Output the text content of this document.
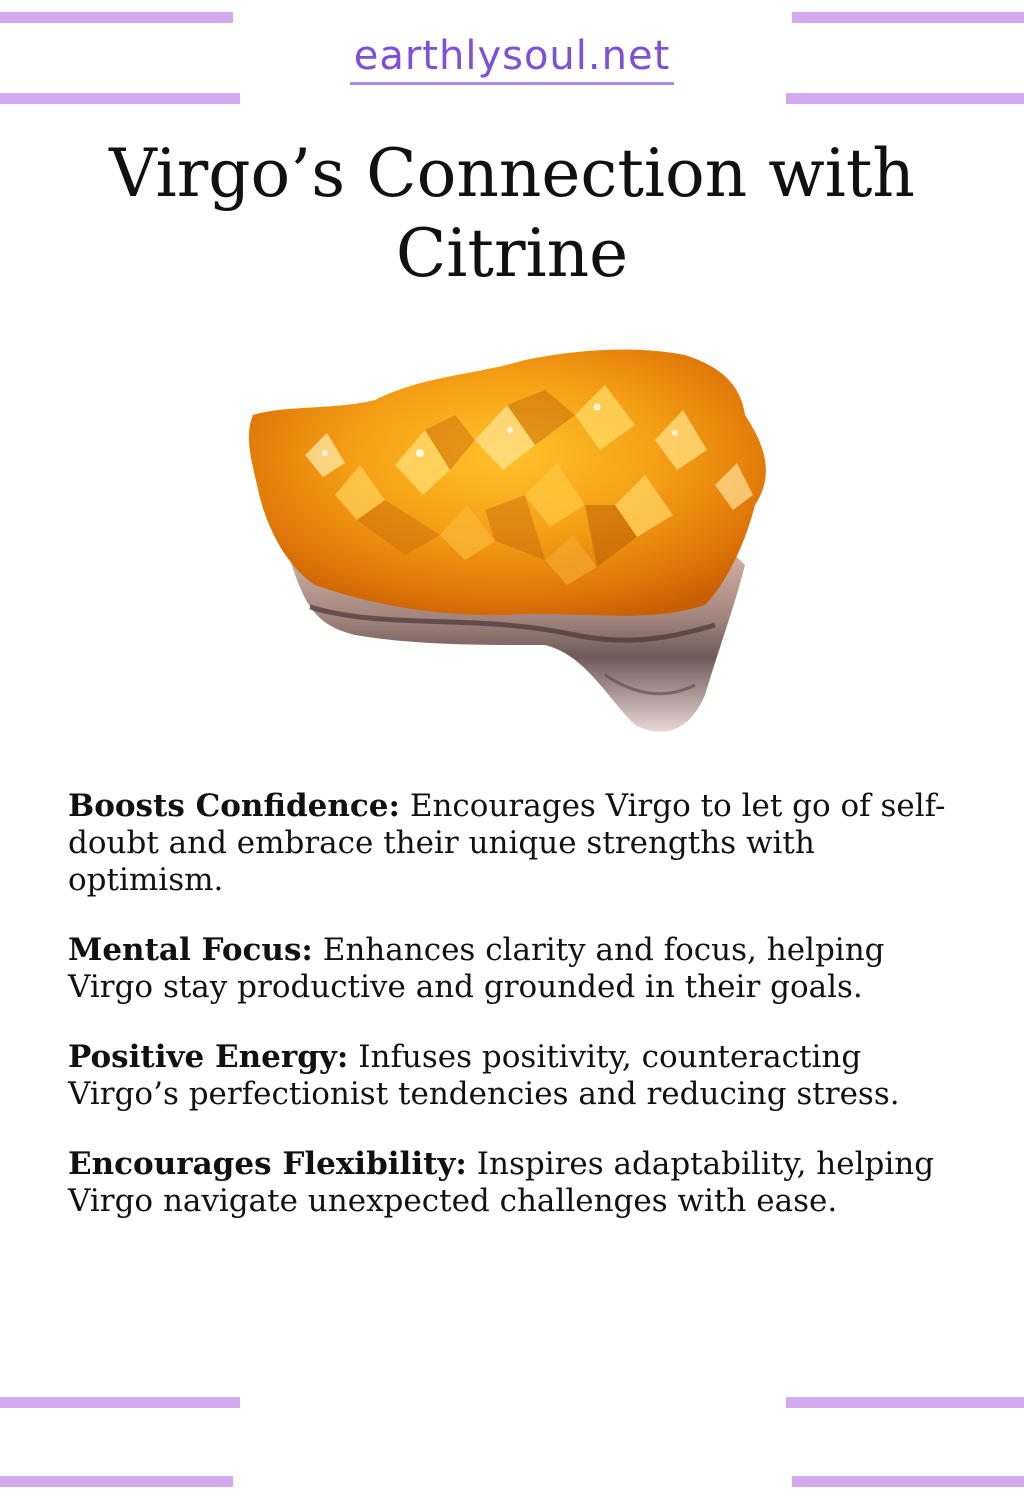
earthlysoul.net
Virgo’s Connection with Citrine

Boosts Confidence: Encourages Virgo to let go of self-doubt and embrace their unique strengths with optimism.

Mental Focus: Enhances clarity and focus, helping Virgo stay productive and grounded in their goals.

Positive Energy: Infuses positivity, counteracting Virgo’s perfectionist tendencies and reducing stress.

Encourages Flexibility: Inspires adaptability, helping Virgo navigate unexpected challenges with ease.
